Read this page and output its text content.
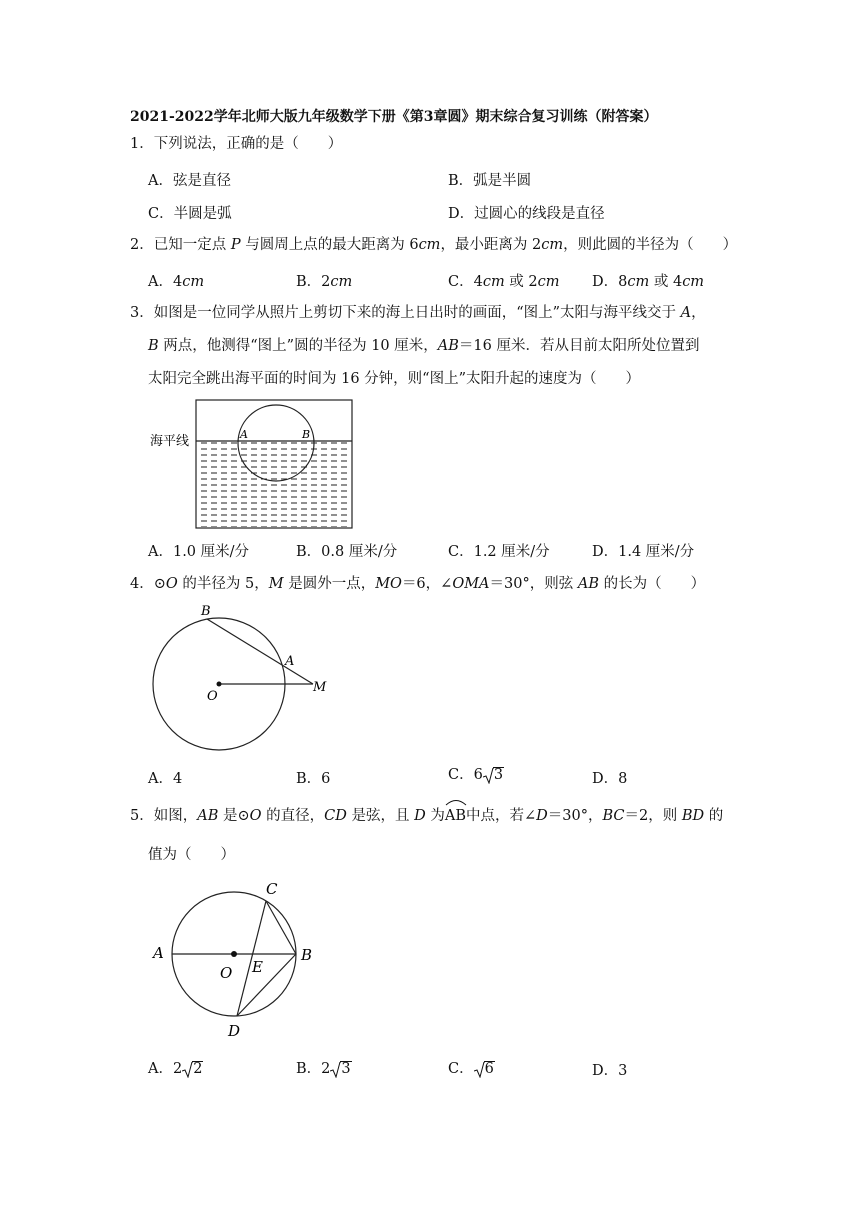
2021-2022学年北师大版九年级数学下册《第3章圆》期末综合复习训练（附答案）
1．下列说法，正确的是（　　）
A．弦是直径	B．弧是半圆
C．半圆是弧	D．过圆心的线段是直径
2．已知一定点 P 与圆周上点的最大距离为 6cm，最小距离为 2cm，则此圆的半径为（　　）
A．4cm	B．2cm	C．4cm 或 2cm D．8cm 或 4cm
3．如图是一位同学从照片上剪切下来的海上日出时的画面，“图上”太阳与海平线交于 A，
B 两点，他测得“图上”圆的半径为 10 厘米，AB＝16 厘米．若从目前太阳所处位置到
太阳完全跳出海平面的时间为 16 分钟，则“图上”太阳升起的速度为（　　）
海平线	A	B
A．1.0 厘米/分	B．0.8 厘米/分	C．1.2 厘米/分	D．1.4 厘米/分
4．⊙O 的半径为 5，M 是圆外一点，MO＝6，∠OMA＝30°，则弦 AB 的长为（　　）
B
A
O
M
A．4	B．6	C．6 3	D．8
5．如图，AB 是⊙O 的直径，CD 是弦，且 D 为
AB中点，若∠D＝30°，BC＝2，则 BD 的
值为（　　）
A	B
C
D
O E
A．2 2	B．2 3	C． 6	D．3
